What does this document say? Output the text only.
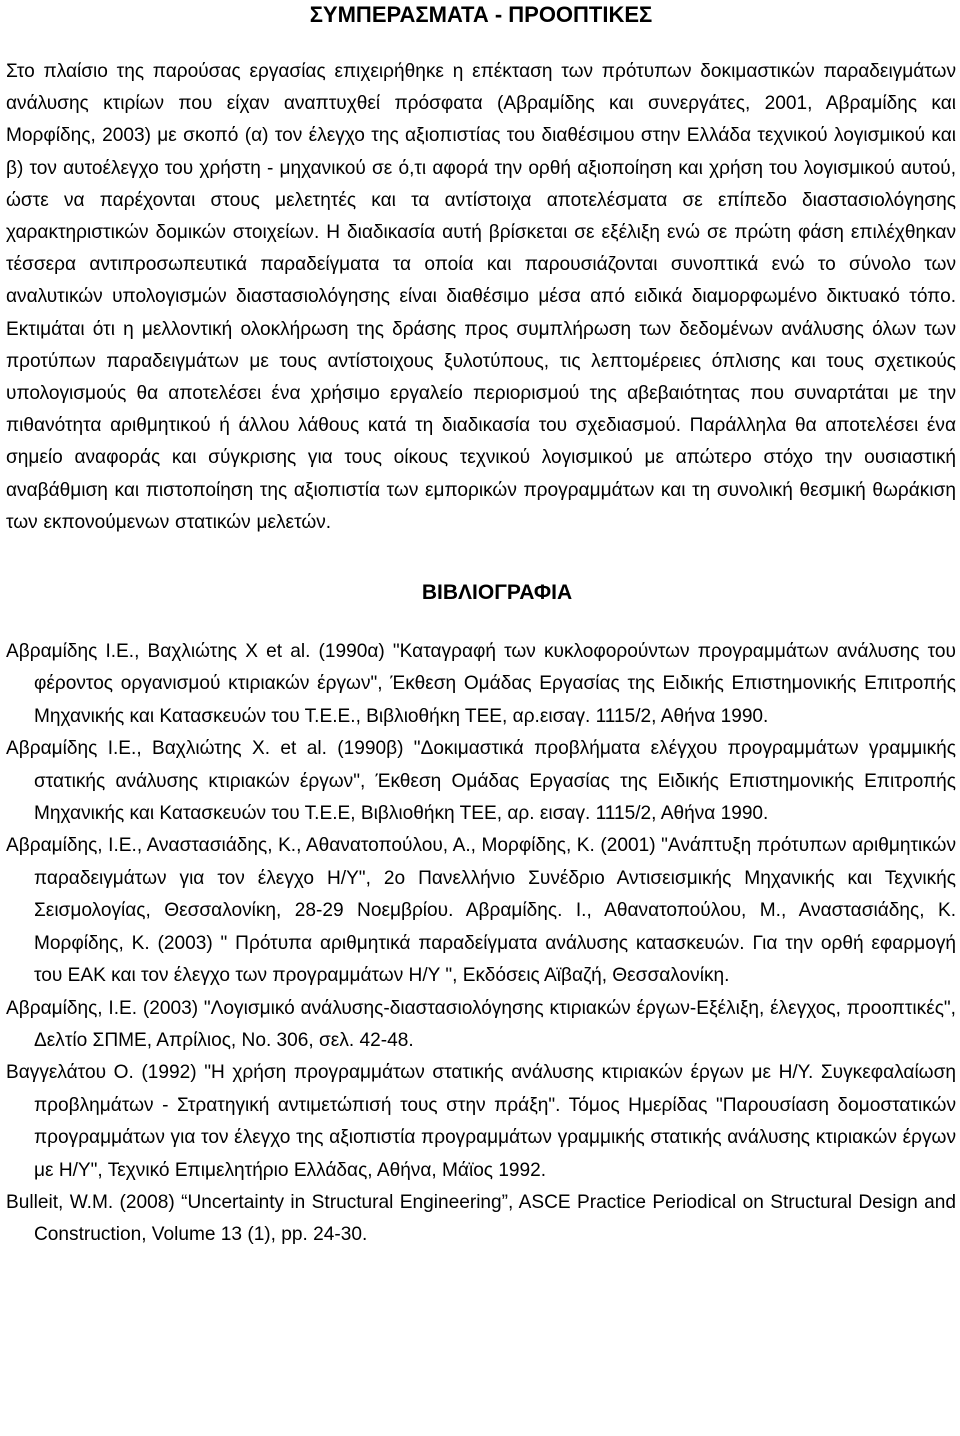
ΣΥΜΠΕΡΑΣΜΑΤΑ - ΠΡΟΟΠΤΙΚΕΣ

Στο πλαίσιο της παρούσας εργασίας επιχειρήθηκε η επέκταση των πρότυπων δοκιμαστικών παραδειγμάτων ανάλυσης κτιρίων που είχαν αναπτυχθεί πρόσφατα (Αβραμίδης και συνεργάτες, 2001, Αβραμίδης και Μορφίδης, 2003) με σκοπό (α) τον έλεγχο της αξιοπιστίας του διαθέσιμου στην Ελλάδα τεχνικού λογισμικού και β) τον αυτοέλεγχο του χρήστη - μηχανικού σε ό,τι αφορά την ορθή αξιοποίηση και χρήση του λογισμικού αυτού, ώστε να παρέχονται στους μελετητές και τα αντίστοιχα αποτελέσματα σε επίπεδο διαστασιολόγησης χαρακτηριστικών δομικών στοιχείων. Η διαδικασία αυτή βρίσκεται σε εξέλιξη ενώ σε πρώτη φάση επιλέχθηκαν τέσσερα αντιπροσωπευτικά παραδείγματα τα οποία και παρουσιάζονται συνοπτικά ενώ το σύνολο των αναλυτικών υπολογισμών διαστασιολόγησης είναι διαθέσιμο μέσα από ειδικά διαμορφωμένο δικτυακό τόπο. Εκτιμάται ότι η μελλοντική ολοκλήρωση της δράσης προς συμπλήρωση των δεδομένων ανάλυσης όλων των προτύπων παραδειγμάτων με τους αντίστοιχους ξυλοτύπους, τις λεπτομέρειες όπλισης και τους σχετικούς υπολογισμούς θα αποτελέσει ένα χρήσιμο εργαλείο περιορισμού της αβεβαιότητας που συναρτάται με την πιθανότητα αριθμητικού ή άλλου λάθους κατά τη διαδικασία του σχεδιασμού. Παράλληλα θα αποτελέσει ένα σημείο αναφοράς και σύγκρισης για τους οίκους τεχνικού λογισμικού με απώτερο στόχο την ουσιαστική αναβάθμιση και πιστοποίηση της αξιοπιστία των εμπορικών προγραμμάτων και τη συνολική θεσμική θωράκιση των εκπονούμενων στατικών μελετών.

ΒΙΒΛΙΟΓΡΑΦΙΑ

Αβραμίδης Ι.Ε., Βαχλιώτης Χ et al. (1990α) "Καταγραφή των κυκλοφορούντων προγραμμάτων ανάλυσης του φέροντος οργανισμού κτιριακών έργων", Έκθεση Ομάδας Εργασίας της Ειδικής Επιστημονικής Επιτροπής Μηχανικής και Κατασκευών του Τ.Ε.Ε., Βιβλιοθήκη ΤΕΕ, αρ.εισαγ. 1115/2, Αθήνα 1990.

Αβραμίδης Ι.Ε., Βαχλιώτης Χ. et al. (1990β) "Δοκιμαστικά προβλήματα ελέγχου προγραμμάτων γραμμικής στατικής ανάλυσης κτιριακών έργων", Έκθεση Ομάδας Εργασίας της Ειδικής Επιστημονικής Επιτροπής Μηχανικής και Κατασκευών του Τ.Ε.Ε, Βιβλιοθήκη ΤΕΕ, αρ. εισαγ. 1115/2, Αθήνα 1990.

Αβραμίδης, Ι.Ε., Αναστασιάδης, Κ., Αθανατοπούλου, Α., Μορφίδης, Κ. (2001) "Ανάπτυξη πρότυπων αριθμητικών παραδειγμάτων για τον έλεγχο Η/Υ", 2ο Πανελλήνιο Συνέδριο Αντισεισμικής Μηχανικής και Τεχνικής Σεισμολογίας, Θεσσαλονίκη, 28-29 Νοεμβρίου. Αβραμίδης. Ι., Αθανατοπούλου, Μ., Αναστασιάδης, Κ. Μορφίδης, Κ. (2003) " Πρότυπα αριθμητικά παραδείγματα ανάλυσης κατασκευών. Για την ορθή εφαρμογή του ΕΑΚ και τον έλεγχο των προγραμμάτων Η/Υ ", Εκδόσεις Αϊβαζή, Θεσσαλονίκη.

Αβραμίδης, Ι.Ε. (2003) "Λογισμικό ανάλυσης-διαστασιολόγησης κτιριακών έργων-Εξέλιξη, έλεγχος, προοπτικές", Δελτίο ΣΠΜΕ, Απρίλιος, Νο. 306, σελ. 42-48.

Βαγγελάτου Ο. (1992) "Η χρήση προγραμμάτων στατικής ανάλυσης κτιριακών έργων με Η/Υ. Συγκεφαλαίωση προβλημάτων - Στρατηγική αντιμετώπισή τους στην πράξη". Τόμος Ημερίδας "Παρουσίαση δομοστατικών προγραμμάτων για τον έλεγχο της αξιοπιστία προγραμμάτων γραμμικής στατικής ανάλυσης κτιριακών έργων με Η/Υ", Τεχνικό Επιμελητήριο Ελλάδας, Αθήνα, Μάϊος 1992.

Bulleit, W.M. (2008) “Uncertainty in Structural Engineering”, ASCE Practice Periodical on Structural Design and Construction, Volume 13 (1), pp. 24-30.
